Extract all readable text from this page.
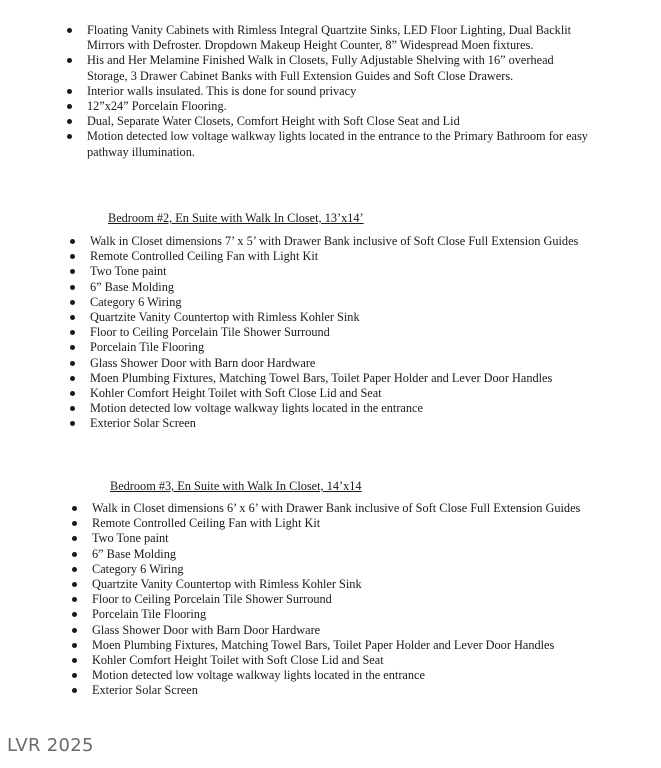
Floating Vanity Cabinets with Rimless Integral Quartzite Sinks, LED Floor Lighting, Dual Backlit Mirrors with Defroster. Dropdown Makeup Height Counter, 8” Widespread Moen fixtures.
His and Her Melamine Finished Walk in Closets, Fully Adjustable Shelving with 16” overhead Storage, 3 Drawer Cabinet Banks with Full Extension Guides and Soft Close Drawers.
Interior walls insulated. This is done for sound privacy
12”x24” Porcelain Flooring.
Dual, Separate Water Closets, Comfort Height with Soft Close Seat and Lid
Motion detected low voltage walkway lights located in the entrance to the Primary Bathroom for easy pathway illumination.
Bedroom #2, En Suite with Walk In Closet, 13’x14’
Walk in Closet dimensions 7’ x 5’ with Drawer Bank inclusive of Soft Close Full Extension Guides
Remote Controlled Ceiling Fan with Light Kit
Two Tone paint
6” Base Molding
Category 6 Wiring
Quartzite Vanity Countertop with Rimless Kohler Sink
Floor to Ceiling Porcelain Tile Shower Surround
Porcelain Tile Flooring
Glass Shower Door with Barn door Hardware
Moen Plumbing Fixtures, Matching Towel Bars, Toilet Paper Holder and Lever Door Handles
Kohler Comfort Height Toilet with Soft Close Lid and Seat
Motion detected low voltage walkway lights located in the entrance
Exterior Solar Screen
Bedroom #3, En Suite with Walk In Closet, 14’x14
Walk in Closet dimensions 6’ x 6’ with Drawer Bank inclusive of Soft Close Full Extension Guides
Remote Controlled Ceiling Fan with Light Kit
Two Tone paint
6” Base Molding
Category 6 Wiring
Quartzite Vanity Countertop with Rimless Kohler Sink
Floor to Ceiling Porcelain Tile Shower Surround
Porcelain Tile Flooring
Glass Shower Door with Barn Door Hardware
Moen Plumbing Fixtures, Matching Towel Bars, Toilet Paper Holder and Lever Door Handles
Kohler Comfort Height Toilet with Soft Close Lid and Seat
Motion detected low voltage walkway lights located in the entrance
Exterior Solar Screen
LVR 2025
